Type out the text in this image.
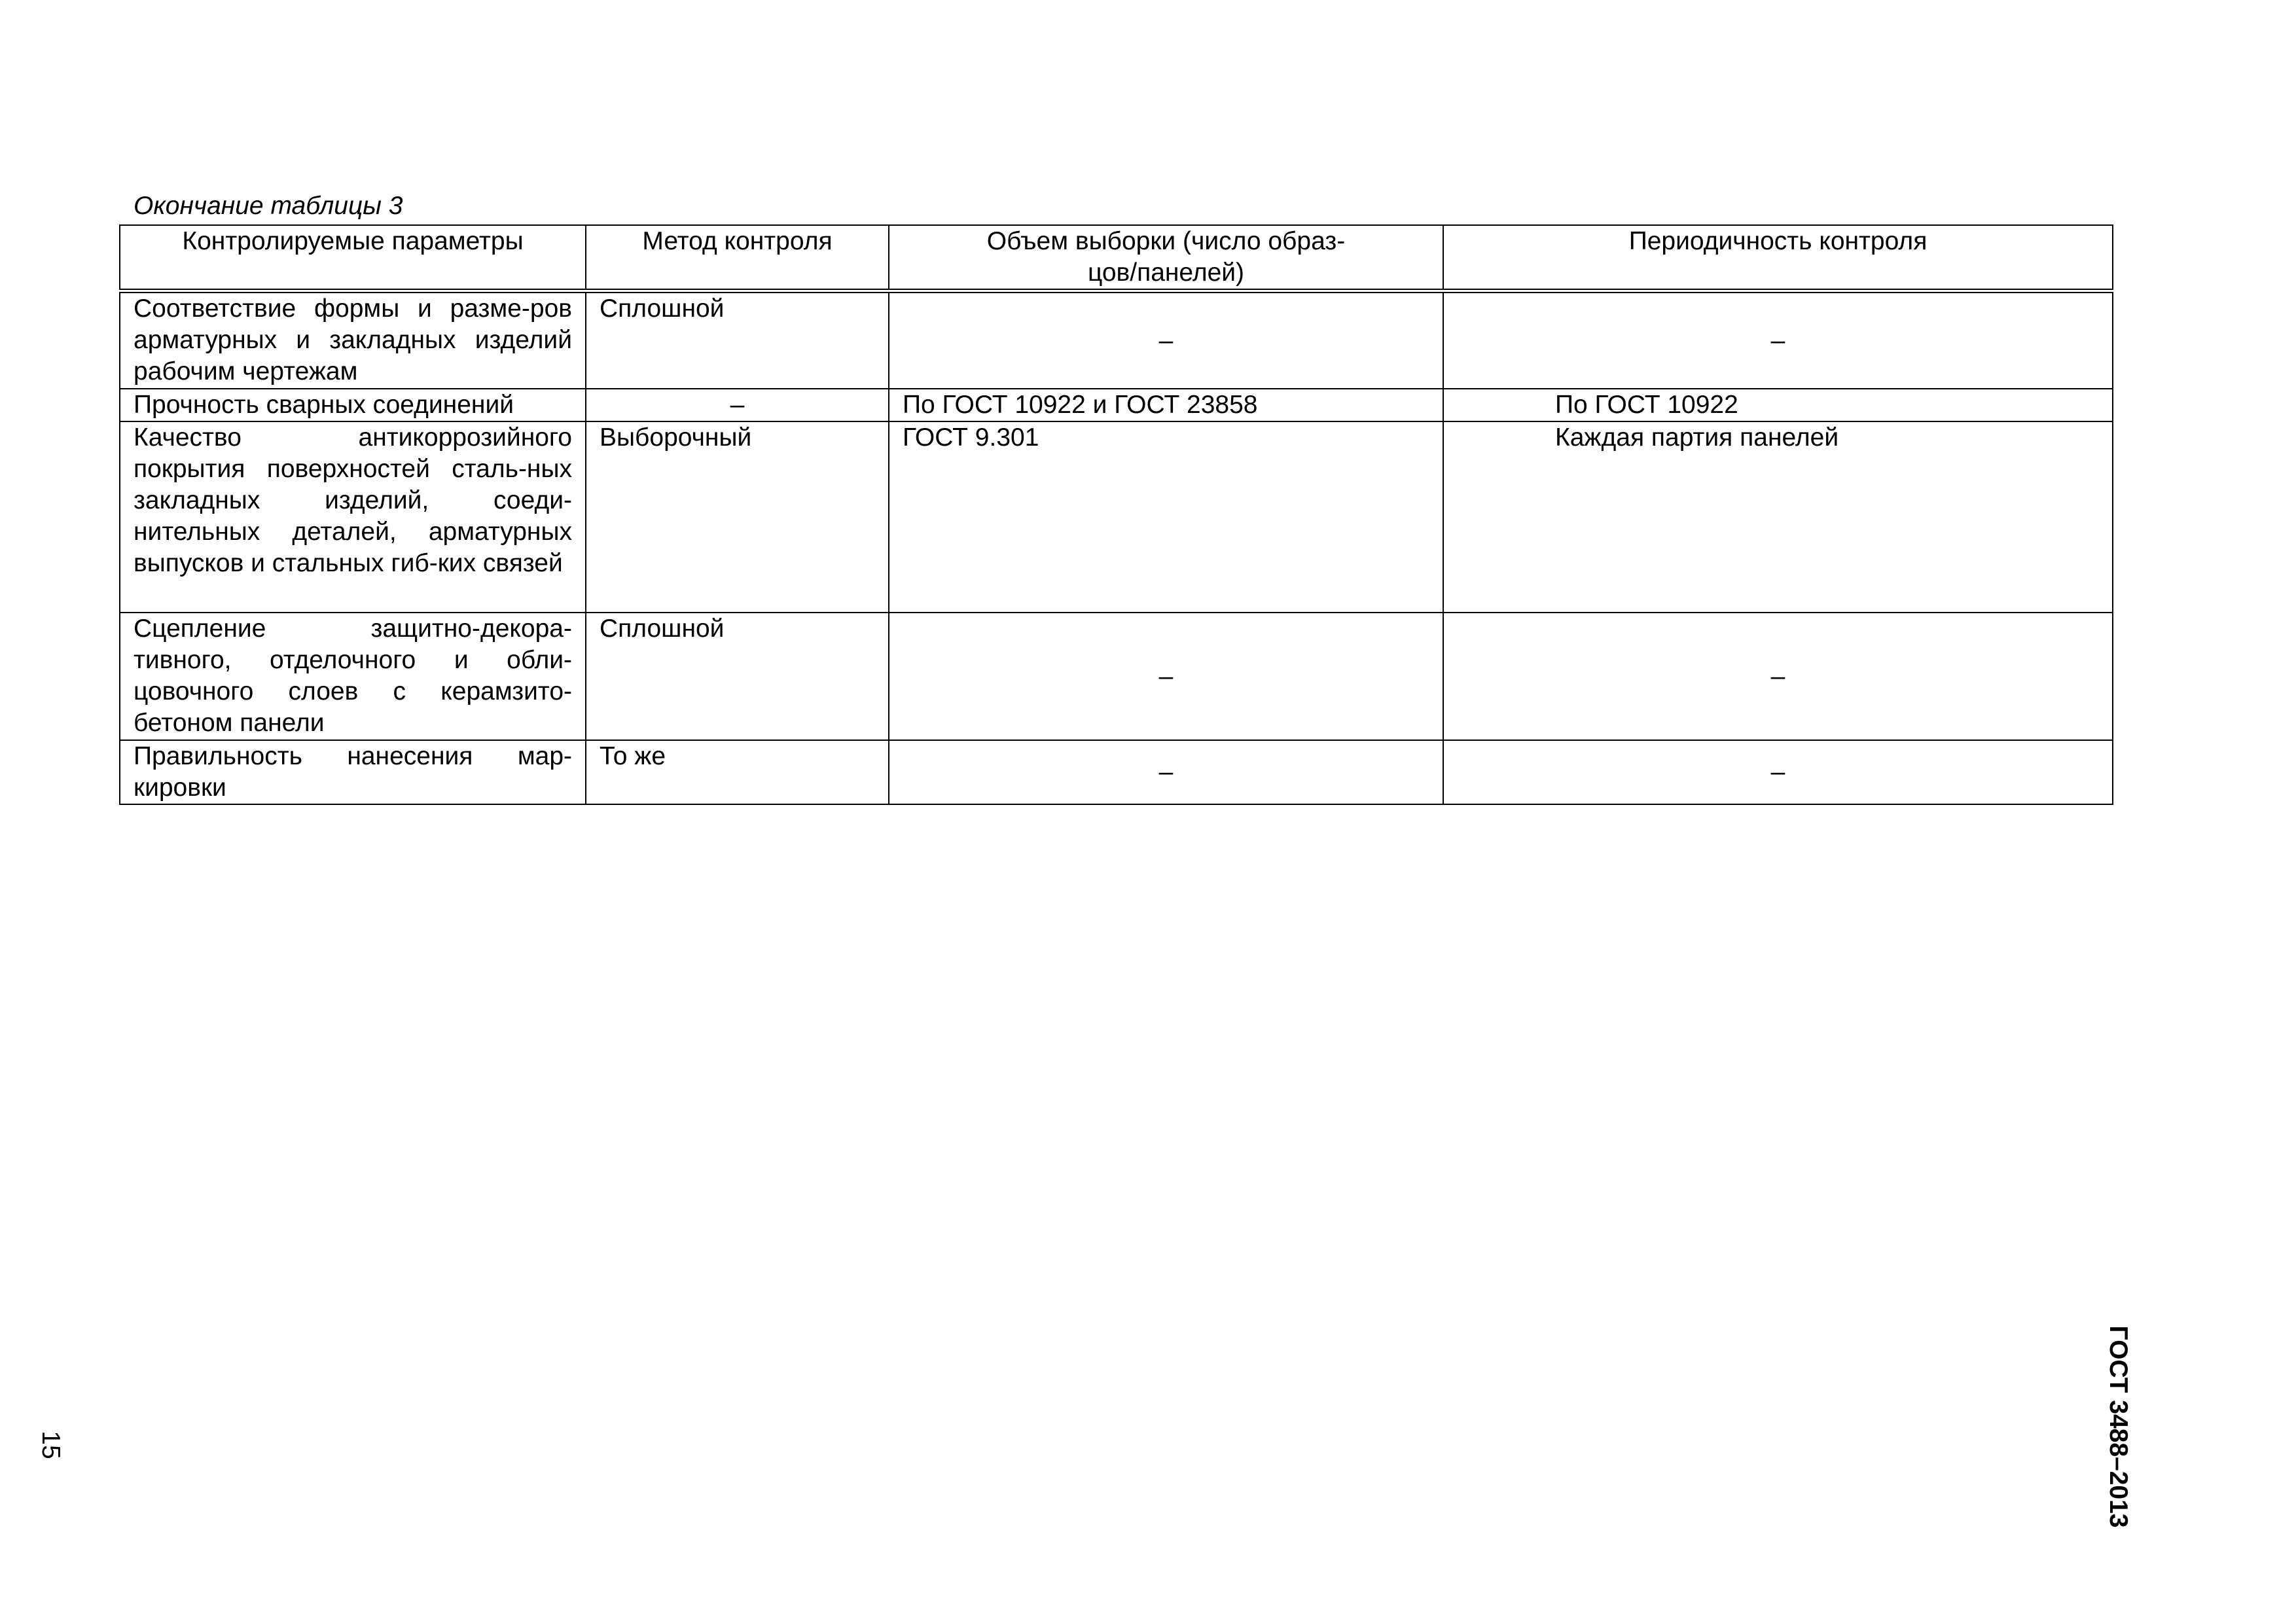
Окончание таблицы 3
Контролируемые параметры	Метод контроля	Объем выборки (число образ-цов/панелей)	Периодичность контроля
Соответствие формы и разме-ров арматурных и закладных изделий рабочим чертежам	Сплошной	–	–
Прочность сварных соединений	–	По ГОСТ 10922 и ГОСТ 23858	По ГОСТ 10922
Качество антикоррозийного покрытия поверхностей сталь-ных закладных изделий, соеди-нительных деталей, арматурных выпусков и стальных гиб-ких связей	Выборочный	ГОСТ 9.301	Каждая партия панелей
Сцепление защитно-декора-тивного, отделочного и обли-цовочного слоев с керамзито-бетоном панели	Сплошной	–	–
Правильность нанесения мар-кировки	То же	–	–
ГОСТ 3488–2013
15
